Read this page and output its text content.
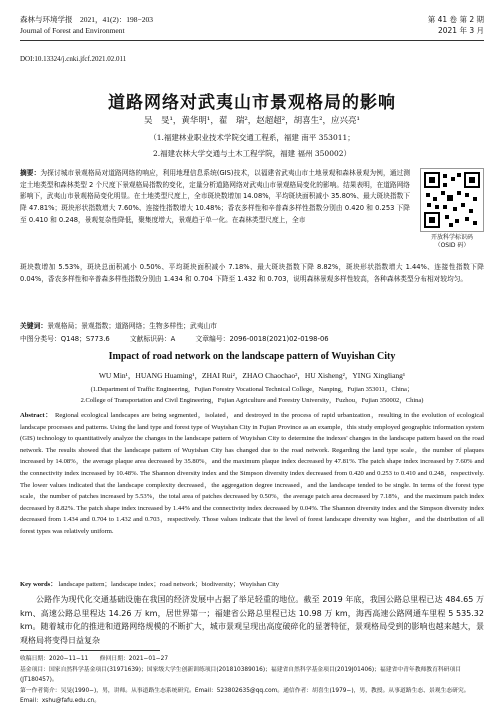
森林与环境学报　 2021，41(2)：198−203
Journal of Forest and Environment
第 41 卷 第 2 期
2021 年 3 月
DOI:10.13324/j.cnki.jfcf.2021.02.011
道路网络对武夷山市景观格局的影响
吴　旻¹，黄华明¹，翟　瑞²，赵超超²，胡喜生²，应兴亮¹
（1.福建林业职业技术学院交通工程系，福建 南平 353011；
2.福建农林大学交通与土木工程学院，福建 福州 350002）
摘要：为探讨城市景观格局对道路网络的响应，利用地理信息系统(GIS)技术，以福建省武夷山市土地景观和森林景观为例，通过测定土地类型和森林类型 2 个尺度下景观格局指数的变化，定量分析道路网络对武夷山市景观格局变化的影响。结果表明，在道路网络影响下，武夷山市景观格局变化明显。在土地类型尺度上，全市斑块数增加 14.08%，平均斑块面积减小 35.80%、最大斑块指数下降 47.81%；斑块形状指数增大 7.60%、连接性指数增大 10.48%；香农多样性和辛普森多样性指数分别由 0.420 和 0.253 下降至 0.410 和 0.248，景观复杂性降低，聚集度增大，景观趋于单一化。在森林类型尺度上，全市
斑块数增加 5.53%，斑块总面积减小 0.50%、平均斑块面积减小 7.18%、最大斑块指数下降 8.82%，斑块形状指数增大 1.44%、连接性指数下降 0.04%，香农多样性和辛普森多样性指数分别由 1.434 和 0.704 下降至 1.432 和 0.703，说明森林景观多样性较高，各种森林类型分布相对较均匀。
开放科学标识码
（OSID 码）
关键词：景观格局；景观指数；道路网络；生物多样性；武夷山市
中图分类号：Q148；S773.6	文献标识码：A	文章编号：2096-0018(2021)02-0198-06
Impact of road network on the landscape pattern of Wuyishan City
WU Min¹，HUANG Huaming¹，ZHAI Rui²，ZHAO Chaochao²，HU Xisheng²，YING Xingliang¹
(1.Department of Traffic Engineering，Fujian Forestry Vocational Technical College，Nanping，Fujian 353011，China；
2.College of Transportation and Civil Engineering，Fujian Agriculture and Forestry University，Fuzhou，Fujian 350002，China)
Abstract： Regional ecological landscapes are being segmented，isolated，and destroyed in the process of rapid urbanization，resulting in the evolution of ecological landscape processes and patterns. Using the land type and forest type of Wuyishan City in Fujian Province as an example，this study employed geographic information system (GIS) technology to quantitatively analyze the changes in the landscape pattern of Wuyishan City to determine the indexes' changes in the landscape pattern based on the road network. The results showed that the landscape pattern of Wuyishan City has changed due to the road network. Regarding the land type scale，the number of plaques increased by 14.08%，the average plaque area decreased by 35.80%，and the maximum plaque index decreased by 47.81%. The patch shape index increased by 7.60% and the connectivity index increased by 10.48%. The Shannon diversity index and the Simpson diversity index decreased from 0.420 and 0.253 to 0.410 and 0.248，respectively. The lower values indicated that the landscape complexity decreased，the aggregation degree increased，and the landscape tended to be single. In terms of the forest type scale，the number of patches increased by 5.53%，the total area of patches decreased by 0.50%，the average patch area decreased by 7.18%，and the maximum patch index decreased by 8.82%. The patch shape index increased by 1.44% and the connectivity index decreased by 0.04%. The Shannon diversity index and the Simpson diversity index decreased from 1.434 and 0.704 to 1.432 and 0.703，respectively. Those values indicate that the level of forest landscape diversity was higher，and the distribution of all forest types was relatively uniform.
Key words： landscape pattern；landscape index；road network；biodiversity；Wuyishan City
公路作为现代化交通基础设施在我国的经济发展中占据了举足轻重的地位。截至 2019 年底，我国公路总里程已达 484.65 万 km、高速公路总里程达 14.26 万 km，居世界第一；福建省公路总里程已达 10.98 万 km，海西高速公路网通车里程 5 535.32 km。随着城市化的推进和道路网络规模的不断扩大，城市景观呈现出高度破碎化的显著特征，景观格局受到的影响也越来越大，景观格局将变得日益复杂
收稿日期：2020−11−11　　修回日期：2021−01−27
基金项目：国家自然科学基金项目(31971639)；国家级大学生创新训练项目(201810389016)；福建省自然科学基金项目(2019J01406)；福建省中青年教师教育科研项目(JT180457)。
第一作者简介：吴旻(1990−)，男，讲师。从事道路生态系统研究。Email：523802635@qq.com。通信作者：胡喜生(1979−)，男，教授。从事道路生态、景观生态研究。Email：xshu@fafu.edu.cn。
